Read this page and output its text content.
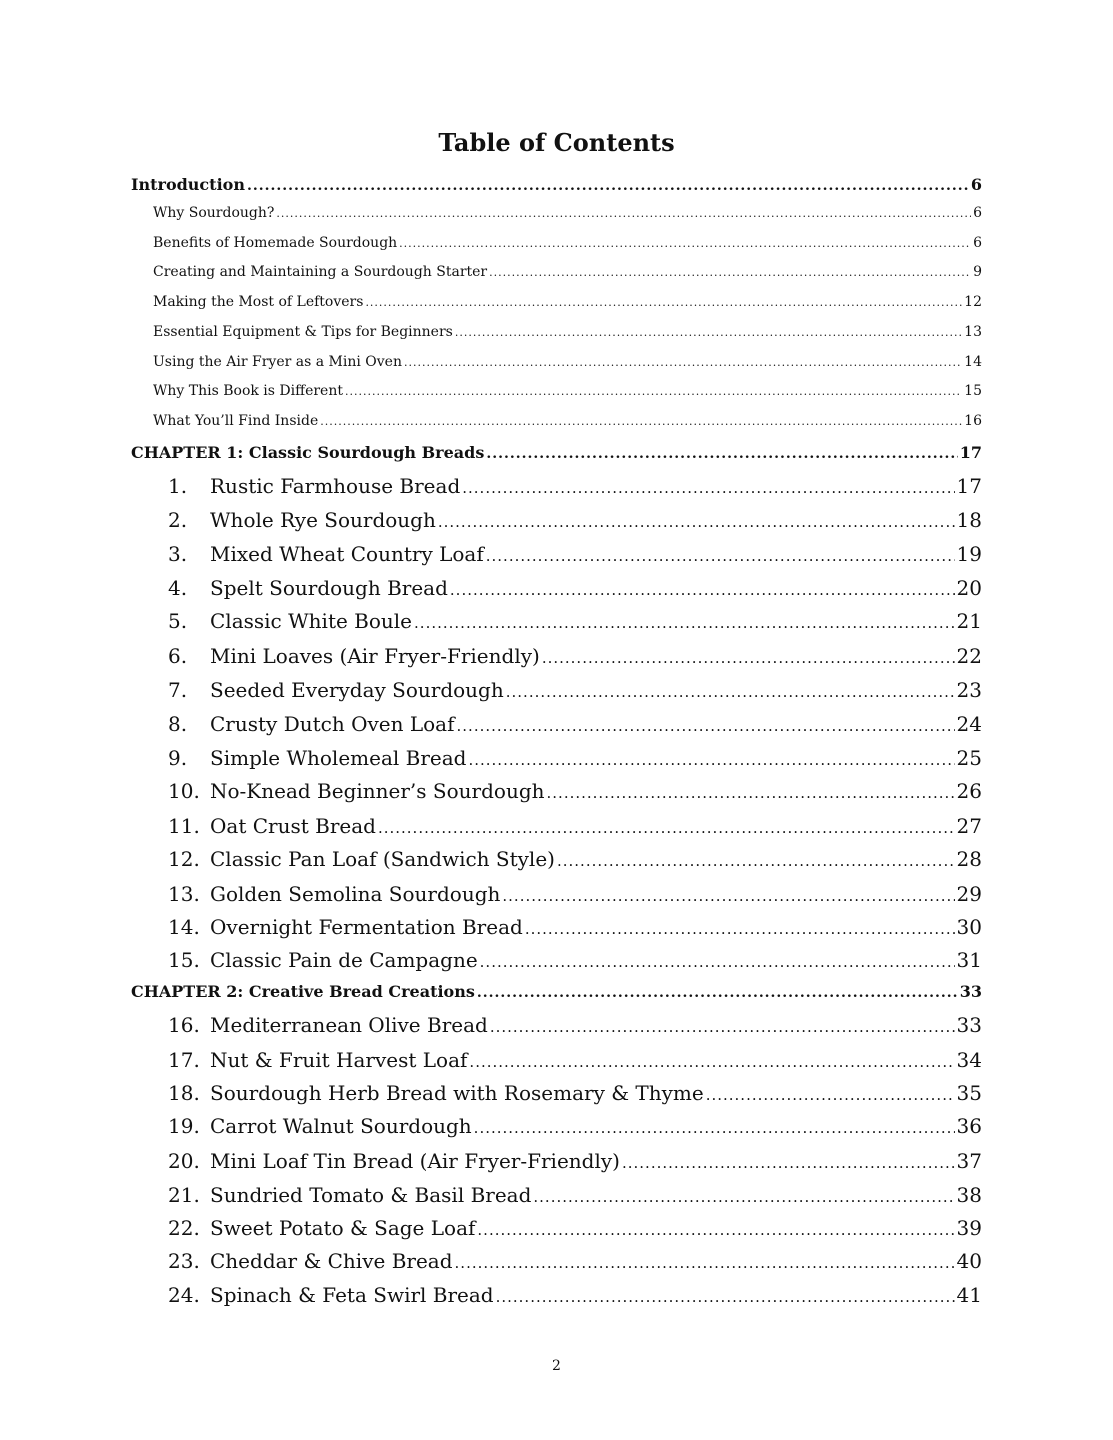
Table of Contents
Introduction .....	6
Why Sourdough? .....	6
Benefits of Homemade Sourdough .....	6
Creating and Maintaining a Sourdough Starter .....	9
Making the Most of Leftovers .....	12
Essential Equipment & Tips for Beginners .....	13
Using the Air Fryer as a Mini Oven .....	14
Why This Book is Different .....	15
What You’ll Find Inside .....	16
CHAPTER 1: Classic Sourdough Breads .....	17
1. Rustic Farmhouse Bread .....	17
2. Whole Rye Sourdough .....	18
3. Mixed Wheat Country Loaf .....	19
4. Spelt Sourdough Bread .....	20
5. Classic White Boule .....	21
6. Mini Loaves (Air Fryer-Friendly) .....	22
7. Seeded Everyday Sourdough .....	23
8. Crusty Dutch Oven Loaf .....	24
9. Simple Wholemeal Bread .....	25
10. No-Knead Beginner’s Sourdough .....	26
11. Oat Crust Bread .....	27
12. Classic Pan Loaf (Sandwich Style) .....	28
13. Golden Semolina Sourdough .....	29
14. Overnight Fermentation Bread .....	30
15. Classic Pain de Campagne .....	31
CHAPTER 2: Creative Bread Creations .....	33
16. Mediterranean Olive Bread .....	33
17. Nut & Fruit Harvest Loaf .....	34
18. Sourdough Herb Bread with Rosemary & Thyme .....	35
19. Carrot Walnut Sourdough .....	36
20. Mini Loaf Tin Bread (Air Fryer-Friendly) .....	37
21. Sundried Tomato & Basil Bread .....	38
22. Sweet Potato & Sage Loaf .....	39
23. Cheddar & Chive Bread .....	40
24. Spinach & Feta Swirl Bread .....	41
2
